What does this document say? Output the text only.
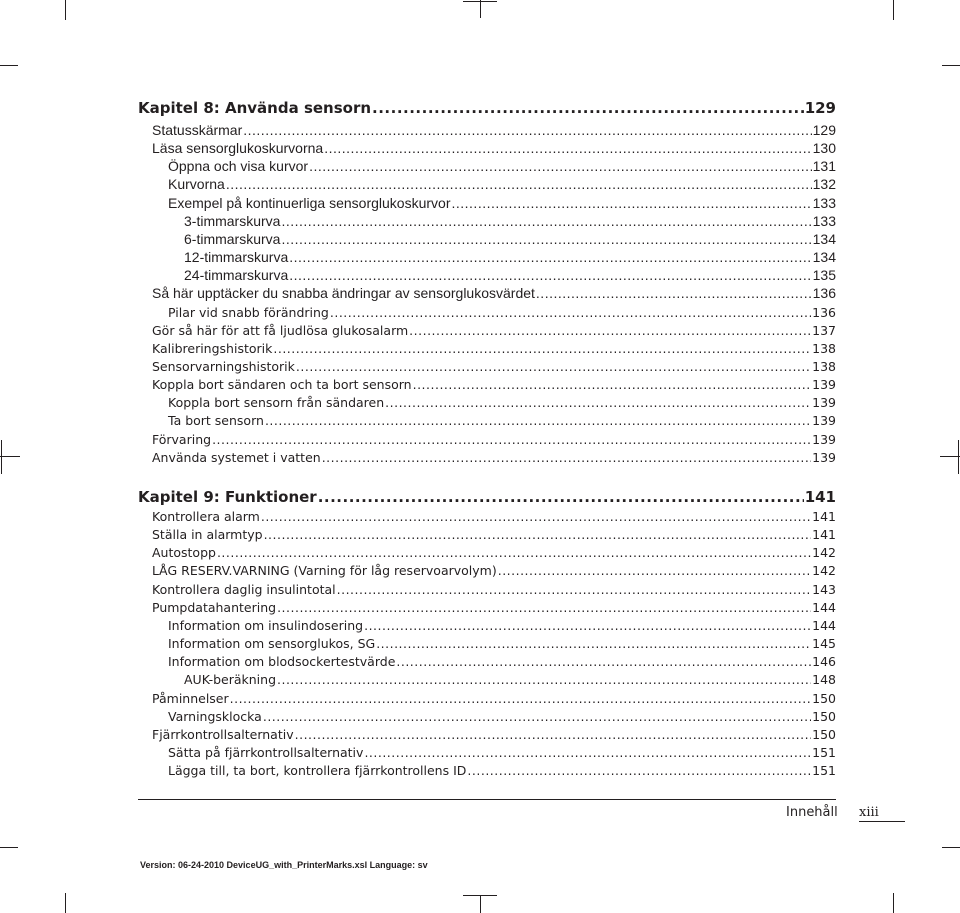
Kapitel 8: Använda sensorn .....	129
Statusskärmar .....	129
Läsa sensorglukoskurvorna .....	130
Öppna och visa kurvor .....	131
Kurvorna .....	132
Exempel på kontinuerliga sensorglukoskurvor .....	133
3-timmarskurva .....	133
6-timmarskurva .....	134
12-timmarskurva .....	134
24-timmarskurva .....	135
Så här upptäcker du snabba ändringar av sensorglukosvärdet .....	136
Pilar vid snabb förändring .....	136
Gör så här för att få ljudlösa glukosalarm .....	137
Kalibreringshistorik .....	138
Sensorvarningshistorik .....	138
Koppla bort sändaren och ta bort sensorn .....	139
Koppla bort sensorn från sändaren .....	139
Ta bort sensorn .....	139
Förvaring .....	139
Använda systemet i vatten .....	139
Kapitel 9: Funktioner .....	141
Kontrollera alarm .....	141
Ställa in alarmtyp .....	141
Autostopp .....	142
LÅG RESERV.VARNING (Varning för låg reservoarvolym) .....	142
Kontrollera daglig insulintotal .....	143
Pumpdatahantering .....	144
Information om insulindosering .....	144
Information om sensorglukos, SG .....	145
Information om blodsockertestvärde .....	146
AUK-beräkning .....	148
Påminnelser .....	150
Varningsklocka .....	150
Fjärrkontrollsalternativ .....	150
Sätta på fjärrkontrollsalternativ .....	151
Lägga till, ta bort, kontrollera fjärrkontrollens ID .....	151
Innehåll xiii
Version: 06-24-2010 DeviceUG_with_PrinterMarks.xsl Language: sv
